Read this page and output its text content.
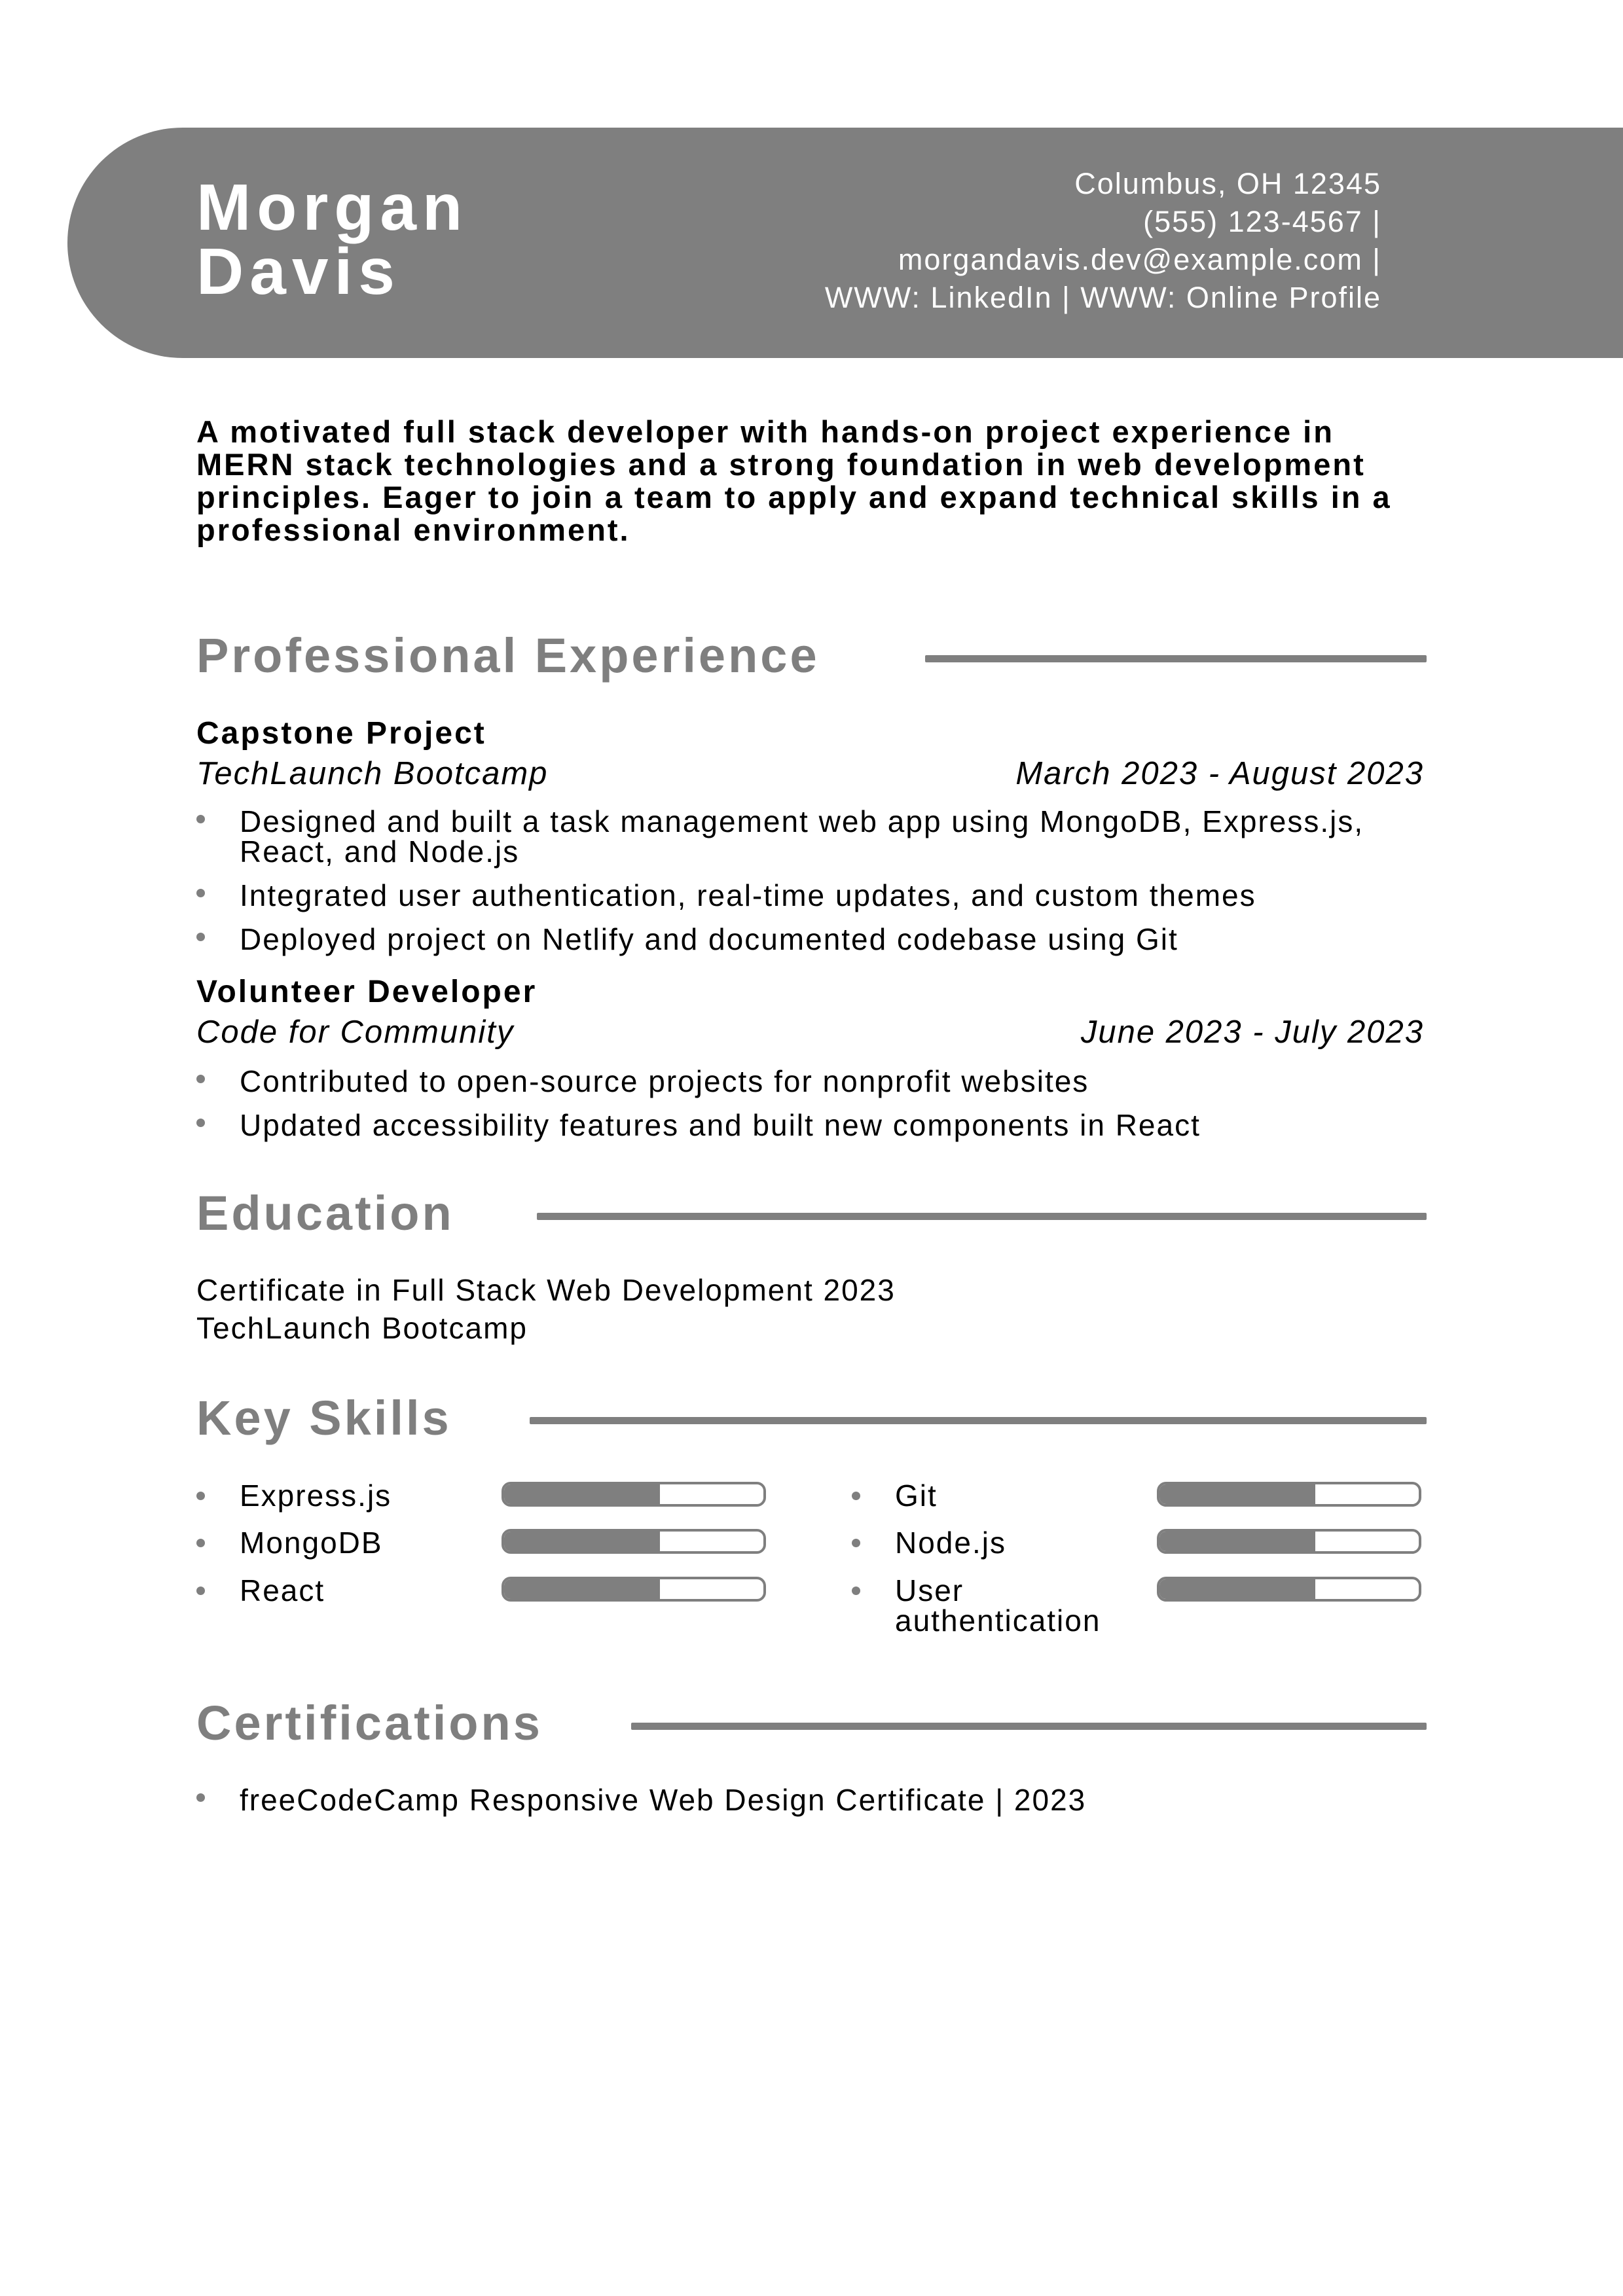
Morgan
Davis
Columbus, OH 12345
(555) 123-4567 |
morgandavis.dev@example.com |
WWW: LinkedIn | WWW: Online Profile
A motivated full stack developer with hands-on project experience in MERN stack technologies and a strong foundation in web development principles. Eager to join a team to apply and expand technical skills in a professional environment.
Professional Experience
Capstone Project
TechLaunch Bootcamp	March 2023 - August 2023
Designed and built a task management web app using MongoDB, Express.js, React, and Node.js
Integrated user authentication, real-time updates, and custom themes
Deployed project on Netlify and documented codebase using Git
Volunteer Developer
Code for Community	June 2023 - July 2023
Contributed to open-source projects for nonprofit websites
Updated accessibility features and built new components in React
Education
Certificate in Full Stack Web Development 2023
TechLaunch Bootcamp
Key Skills
Express.js	Git
MongoDB	Node.js
React	User authentication
Certifications
freeCodeCamp Responsive Web Design Certificate | 2023
